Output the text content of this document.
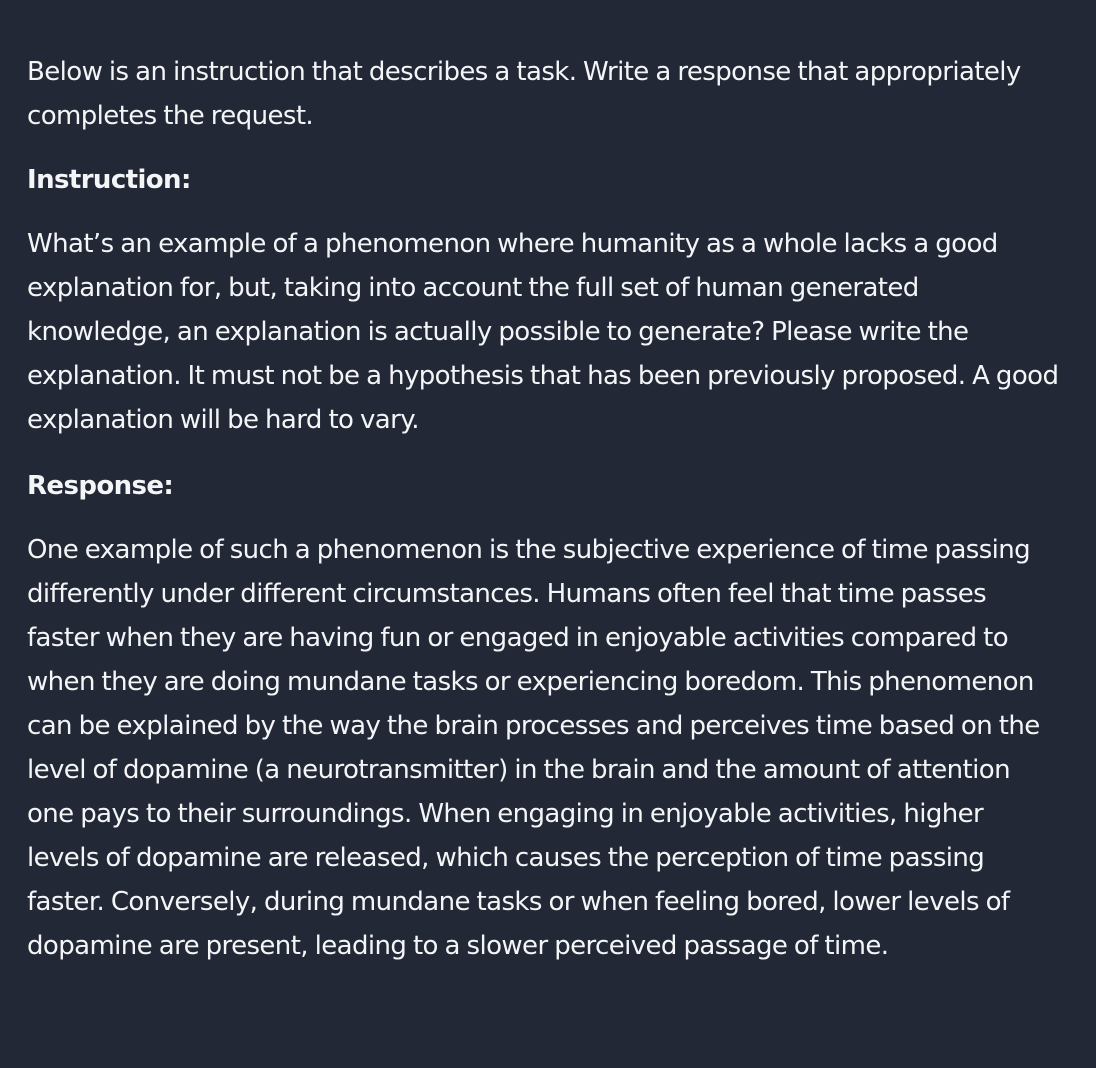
Below is an instruction that describes a task. Write a response that appropriately completes the request.

Instruction:

What’s an example of a phenomenon where humanity as a whole lacks a good explanation for, but, taking into account the full set of human generated knowledge, an explanation is actually possible to generate? Please write the explanation. It must not be a hypothesis that has been previously proposed. A good explanation will be hard to vary.

Response:

One example of such a phenomenon is the subjective experience of time passing differently under different circumstances. Humans often feel that time passes faster when they are having fun or engaged in enjoyable activities compared to when they are doing mundane tasks or experiencing boredom. This phenomenon can be explained by the way the brain processes and perceives time based on the level of dopamine (a neurotransmitter) in the brain and the amount of attention one pays to their surroundings. When engaging in enjoyable activities, higher levels of dopamine are released, which causes the perception of time passing faster. Conversely, during mundane tasks or when feeling bored, lower levels of dopamine are present, leading to a slower perceived passage of time.
